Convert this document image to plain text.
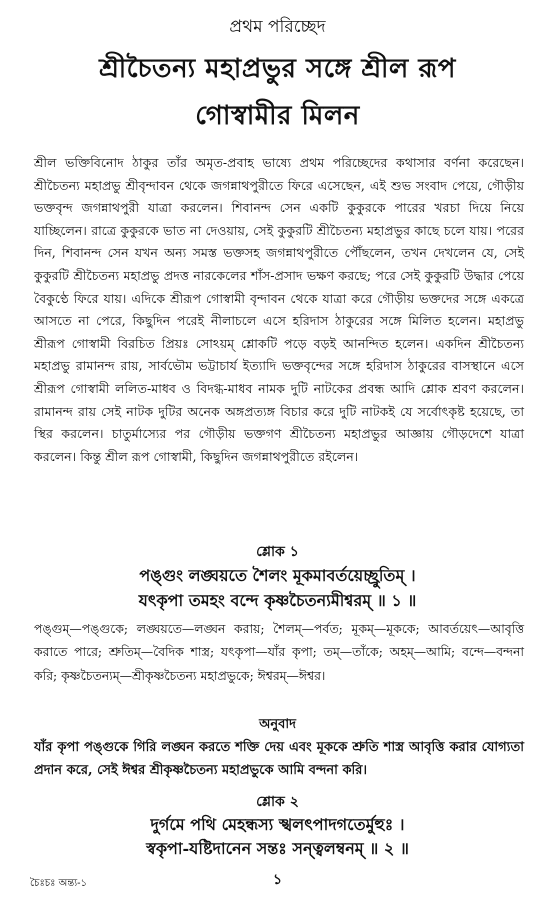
প্রথম পরিচ্ছেদ
শ্রীচৈতন্য মহাপ্রভুর সঙ্গে শ্রীল রূপ
গোস্বামীর মিলন
শ্রীল ভক্তিবিনোদ ঠাকুর তাঁর অমৃত-প্রবাহ ভাষ্যে প্রথম পরিচ্ছেদের কথাসার বর্ণনা করেছেন। শ্রীচৈতন্য মহাপ্রভু শ্রীবৃন্দাবন থেকে জগন্নাথপুরীতে ফিরে এসেছেন, এই শুভ সংবাদ পেয়ে, গৌড়ীয় ভক্তবৃন্দ জগন্নাথপুরী যাত্রা করলেন। শিবানন্দ সেন একটি কুকুরকে পারের খরচা দিয়ে নিয়ে যাচ্ছিলেন। রাত্রে কুকুরকে ভাত না দেওয়ায়, সেই কুকুরটি শ্রীচৈতন্য মহাপ্রভুর কাছে চলে যায়। পরের দিন, শিবানন্দ সেন যখন অন্য সমস্ত ভক্তসহ জগন্নাথপুরীতে পৌঁছলেন, তখন দেখলেন যে, সেই কুকুরটি শ্রীচৈতন্য মহাপ্রভু প্রদত্ত নারকেলের শাঁস-প্রসাদ ভক্ষণ করছে; পরে সেই কুকুরটি উদ্ধার পেয়ে বৈকুণ্ঠে ফিরে যায়। এদিকে শ্রীরূপ গোস্বামী বৃন্দাবন থেকে যাত্রা করে গৌড়ীয় ভক্তদের সঙ্গে একত্রে আসতে না পেরে, কিছুদিন পরেই নীলাচলে এসে হরিদাস ঠাকুরের সঙ্গে মিলিত হলেন। মহাপ্রভু শ্রীরূপ গোস্বামী বিরচিত প্রিয়ঃ সোঽয়ম্ শ্লোকটি পড়ে বড়ই আনন্দিত হলেন। একদিন শ্রীচৈতন্য মহাপ্রভু রামানন্দ রায়, সার্বভৌম ভট্টাচার্য ইত্যাদি ভক্তবৃন্দের সঙ্গে হরিদাস ঠাকুরের বাসস্থানে এসে শ্রীরূপ গোস্বামী ললিত-মাধব ও বিদগ্ধ-মাধব নামক দুটি নাটকের প্রবন্ধ আদি শ্লোক শ্রবণ করলেন। রামানন্দ রায় সেই নাটক দুটির অনেক অঙ্গপ্রত্যঙ্গ বিচার করে দুটি নাটকই যে সর্বোৎকৃষ্ট হয়েছে, তা স্থির করলেন। চাতুর্মাস্যের পর গৌড়ীয় ভক্তগণ শ্রীচৈতন্য মহাপ্রভুর আজ্ঞায় গৌড়দেশে যাত্রা করলেন। কিন্তু শ্রীল রূপ গোস্বামী, কিছুদিন জগন্নাথপুরীতে রইলেন।
শ্লোক ১
পঙ্গুং লঙ্ঘয়তে শৈলং মূকমাবর্তয়েচ্ছ্রুতিম্ ।
যৎকৃপা তমহং বন্দে কৃষ্ণচৈতন্যমীশ্বরম্ ॥ ১ ॥
পঙ্গুম্—পঙ্গুকে; লঙ্ঘয়তে—লঙ্ঘন করায়; শৈলম্—পর্বত; মূকম্—মূককে; আবর্তয়েৎ—আবৃত্তি করাতে পারে; শ্রুতিম্—বৈদিক শাস্ত্র; যৎকৃপা—যাঁর কৃপা; তম্—তাঁকে; অহম্—আমি; বন্দে—বন্দনা করি; কৃষ্ণচৈতন্যম্—শ্রীকৃষ্ণচৈতন্য মহাপ্রভুকে; ঈশ্বরম্—ঈশ্বর।
অনুবাদ
যাঁর কৃপা পঙ্গুকে গিরি লঙ্ঘন করতে শক্তি দেয় এবং মূককে শ্রুতি শাস্ত্র আবৃত্তি করার যোগ্যতা প্রদান করে, সেই ঈশ্বর শ্রীকৃষ্ণচৈতন্য মহাপ্রভুকে আমি বন্দনা করি।
শ্লোক ২
দুর্গমে পথি মেহন্ধস্য স্খলৎপাদগতের্মুহুঃ ।
স্বকৃপা-যষ্টিদানেন সন্তঃ সন্ত্বলম্বনম্ ॥ ২ ॥
চৈঃচঃ অন্ত্য-১	১
